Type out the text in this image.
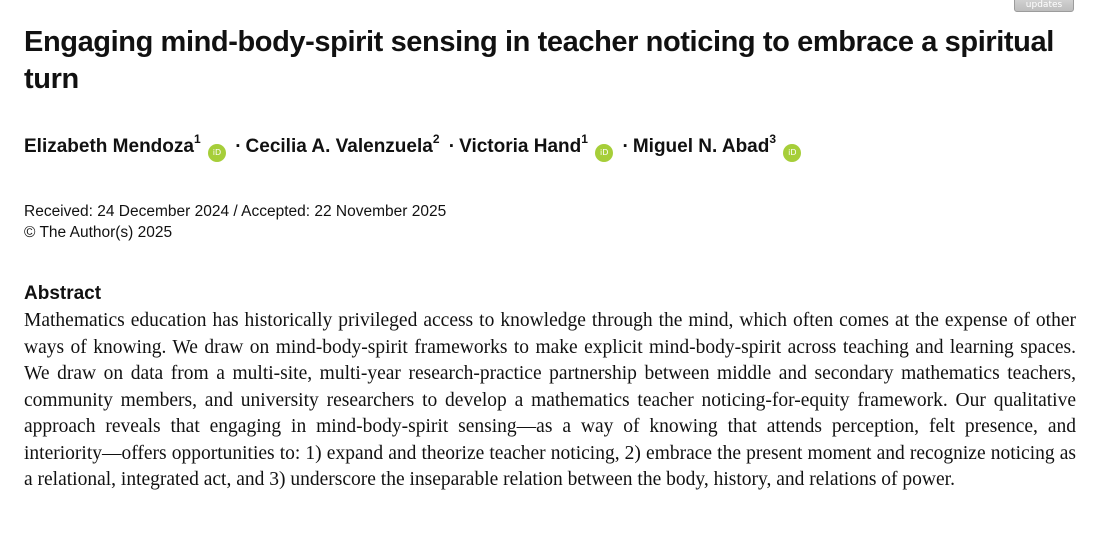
updates
Engaging mind-body-spirit sensing in teacher noticing to embrace a spiritual turn
Elizabeth Mendoza$^1$ iD · Cecilia A. Valenzuela$^2$ · Victoria Hand$^1$ iD · Miguel N. Abad$^3$ iD
Received: 24 December 2024 / Accepted: 22 November 2025
© The Author(s) 2025
Abstract

Mathematics education has historically privileged access to knowledge through the mind, which often comes at the expense of other ways of knowing. We draw on mind-body-spirit frameworks to make explicit mind-body-spirit across teaching and learning spaces. We draw on data from a multi-site, multi-year research-practice partnership between middle and secondary mathematics teachers, community members, and university researchers to develop a mathematics teacher noticing-for-equity framework. Our qualitative approach reveals that engaging in mind-body-spirit sensing—as a way of knowing that attends perception, felt presence, and interiority—offers opportunities to: 1) expand and theorize teacher noticing, 2) embrace the present moment and recognize noticing as a relational, integrated act, and 3) underscore the inseparable relation between the body, history, and relations of power.
